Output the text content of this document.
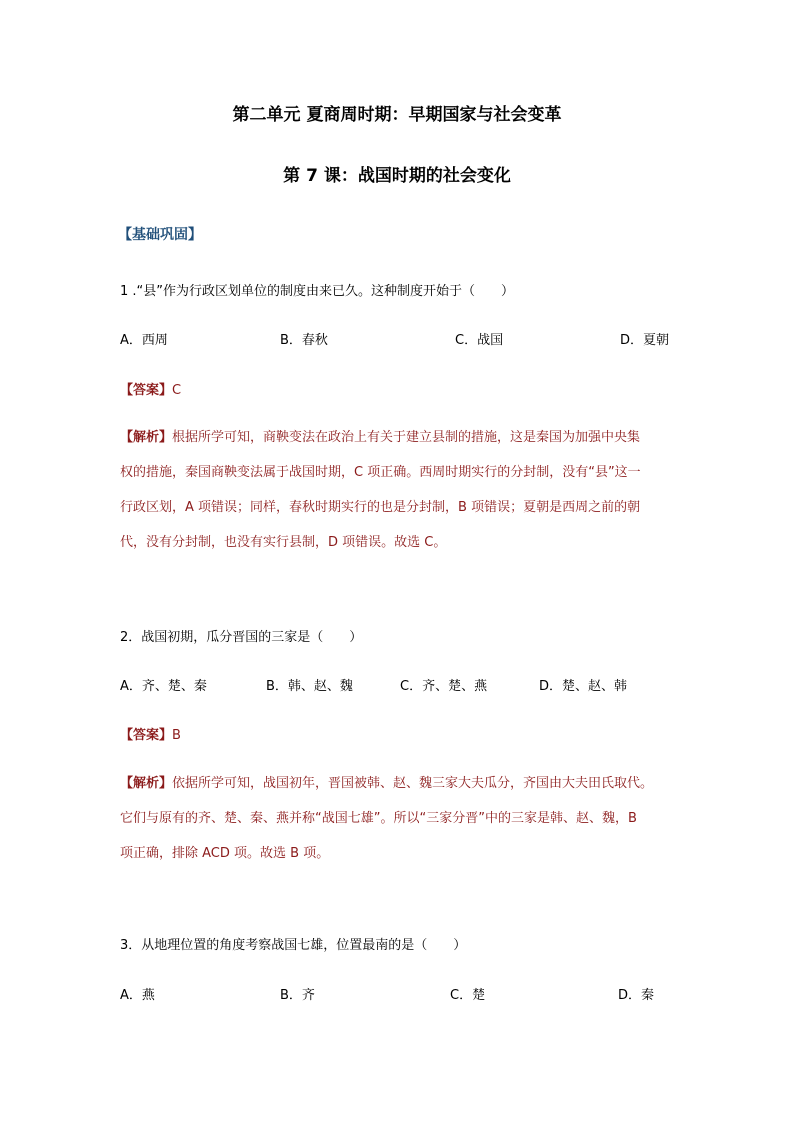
第二单元 夏商周时期：早期国家与社会变革
第 7 课：战国时期的社会变化
【基础巩固】
1 .“县”作为行政区划单位的制度由来已久。这种制度开始于（　　）
A．西周	B．春秋	C．战国	D．夏朝
【答案】C
【解析】根据所学可知，商鞅变法在政治上有关于建立县制的措施，这是秦国为加强中央集
权的措施，秦国商鞅变法属于战国时期，C 项正确。西周时期实行的分封制，没有“县”这一
行政区划，A 项错误；同样，春秋时期实行的也是分封制，B 项错误；夏朝是西周之前的朝
代，没有分封制，也没有实行县制，D 项错误。故选 C。
2．战国初期，瓜分晋国的三家是（　　）
A．齐、楚、秦	B．韩、赵、魏	C．齐、楚、燕	D．楚、赵、韩
【答案】B
【解析】依据所学可知，战国初年，晋国被韩、赵、魏三家大夫瓜分，齐国由大夫田氏取代。
它们与原有的齐、楚、秦、燕并称“战国七雄”。所以“三家分晋”中的三家是韩、赵、魏，B
项正确，排除 ACD 项。故选 B 项。
3．从地理位置的角度考察战国七雄，位置最南的是（　　）
A．燕	B．齐	C．楚	D．秦
